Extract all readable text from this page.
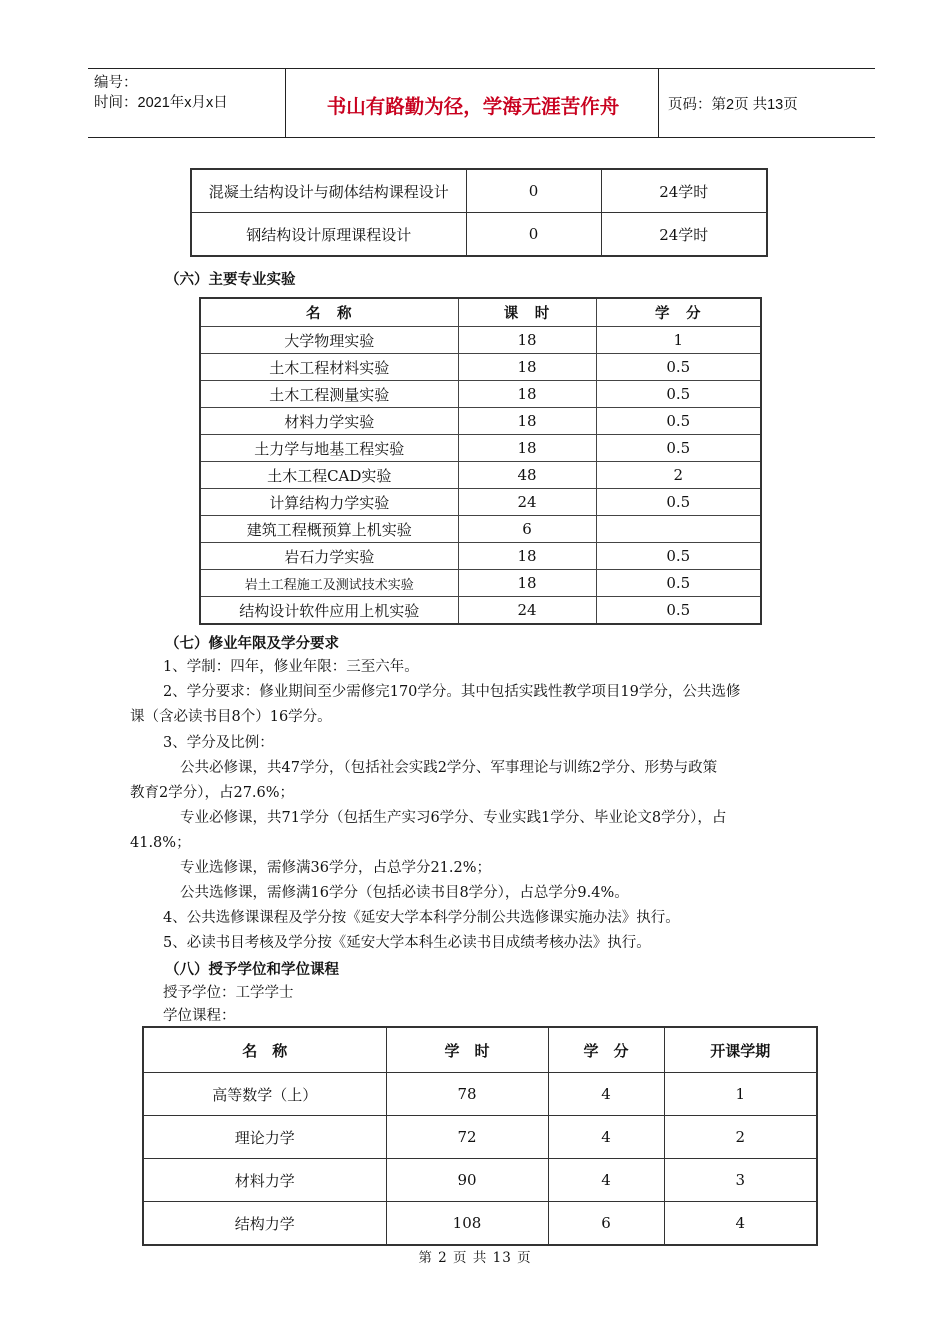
编号：
时间：2021年x月x日	书山有路勤为径，学海无涯苦作舟	页码：第2页 共13页
混凝土结构设计与砌体结构课程设计	0	24学时
钢结构设计原理课程设计	0	24学时
（六）主要专业实验
名　称	课　时	学　分
大学物理实验	18	1
土木工程材料实验	18	0.5
土木工程测量实验	18	0.5
材料力学实验	18	0.5
土力学与地基工程实验	18	0.5
土木工程CAD实验	48	2
计算结构力学实验	24	0.5
建筑工程概预算上机实验	6	
岩石力学实验	18	0.5
岩土工程施工及测试技术实验	18	0.5
结构设计软件应用上机实验	24	0.5
（七）修业年限及学分要求
1、学制：四年，修业年限：三至六年。
2、学分要求：修业期间至少需修完170学分。其中包括实践性教学项目19学分，公共选修
课（含必读书目8个）16学分。
3、学分及比例：
公共必修课，共47学分，（包括社会实践2学分、军事理论与训练2学分、形势与政策
教育2学分），占27.6%；
专业必修课，共71学分（包括生产实习6学分、专业实践1学分、毕业论文8学分），占
41.8%；
专业选修课，需修满36学分，占总学分21.2%；
公共选修课，需修满16学分（包括必读书目8学分），占总学分9.4%。
4、公共选修课课程及学分按《延安大学本科学分制公共选修课实施办法》执行。
5、必读书目考核及学分按《延安大学本科生必读书目成绩考核办法》执行。
（八）授予学位和学位课程
授予学位：工学学士
学位课程：
名　称	学　时	学　分	开课学期
高等数学（上）	78	4	1
理论力学	72	4	2
材料力学	90	4	3
结构力学	108	6	4
第 2 页 共 13 页
